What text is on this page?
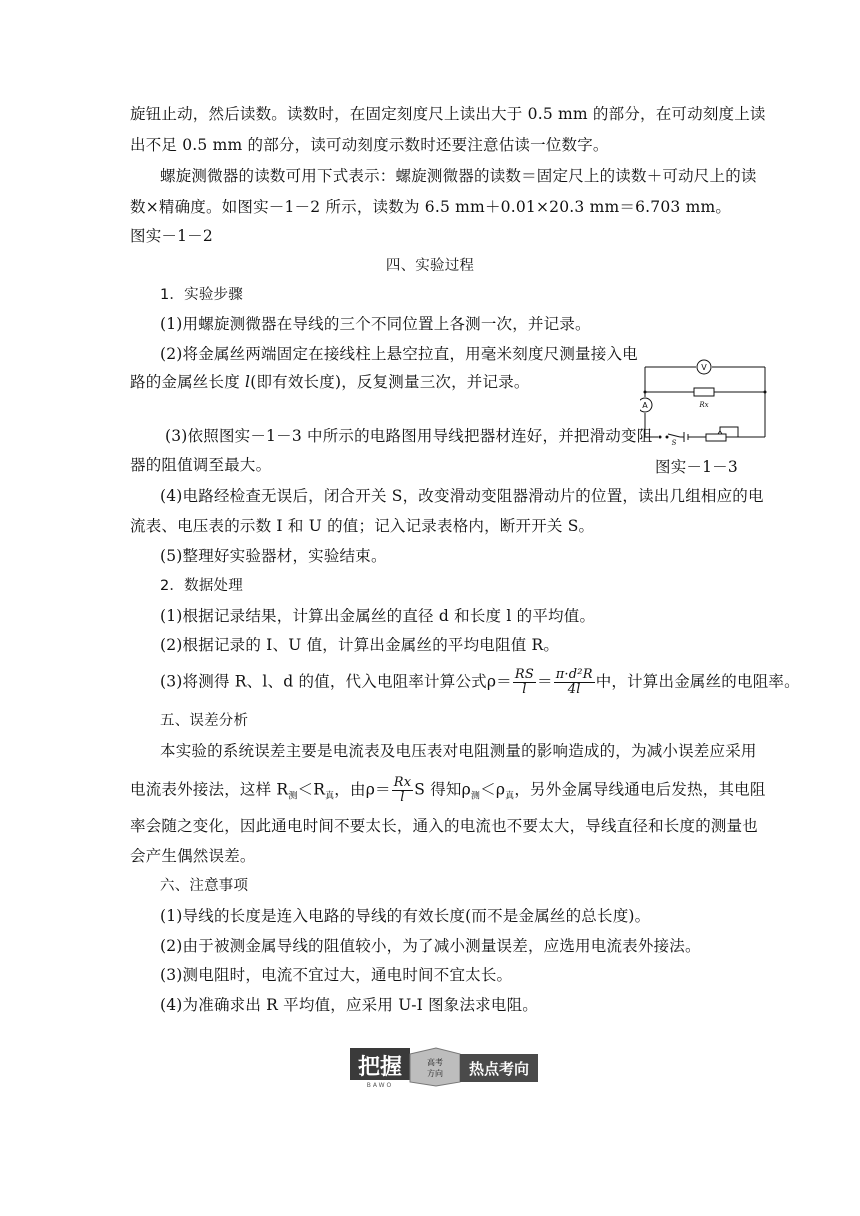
旋钮止动，然后读数。读数时，在固定刻度尺上读出大于 0.5 mm 的部分，在可动刻度上读
出不足 0.5 mm 的部分，读可动刻度示数时还要注意估读一位数字。
螺旋测微器的读数可用下式表示：螺旋测微器的读数＝固定尺上的读数＋可动尺上的读
数×精确度。如图实－1－2 所示，读数为 6.5 mm＋0.01×20.3 mm＝6.703 mm。
图实－1－2
四、实验过程
1．实验步骤
(1)用螺旋测微器在导线的三个不同位置上各测一次，并记录。
(2)将金属丝两端固定在接线柱上悬空拉直，用毫米刻度尺测量接入电
路的金属丝长度 l(即有效长度)，反复测量三次，并记录。
(3)依照图实－1－3 中所示的电路图用导线把器材连好，并把滑动变阻
器的阻值调至最大。	图实－1－3
V
A	Rx
S
(4)电路经检查无误后，闭合开关 S，改变滑动变阻器滑动片的位置，读出几组相应的电
流表、电压表的示数 I 和 U 的值；记入记录表格内，断开开关 S。
(5)整理好实验器材，实验结束。
2．数据处理
(1)根据记录结果，计算出金属丝的直径 d 和长度 l 的平均值。
(2)根据记录的 I、U 值，计算出金属丝的平均电阻值 R。
(3)将测得 R、l、d 的值，代入电阻率计算公式$\rho= \frac{RS}{l} = \frac{\text{π·d²R}}{4l}$ 中，计算出金属丝的电阻率。
五、误差分析
本实验的系统误差主要是电流表及电压表对电阻测量的影响造成的，为减小误差应采用
电流表外接法，这样 $R_测<R_真$，由$\rho= \frac{Rx}{l}$ S 得知$\rho_测<\rho_真$，另外金属导线通电后发热，其电阻
率会随之变化，因此通电时间不要太长，通入的电流也不要太大，导线直径和长度的测量也
会产生偶然误差。
六、注意事项
(1)导线的长度是连入电路的导线的有效长度(而不是金属丝的总长度)。
(2)由于被测金属导线的阻值较小，为了减小测量误差，应选用电流表外接法。
(3)测电阻时，电流不宜过大，通电时间不宜太长。
(4)为准确求出 R 平均值，应采用 U-I 图象法求电阻。
把握	高考
方向 热点考向
BAWO
